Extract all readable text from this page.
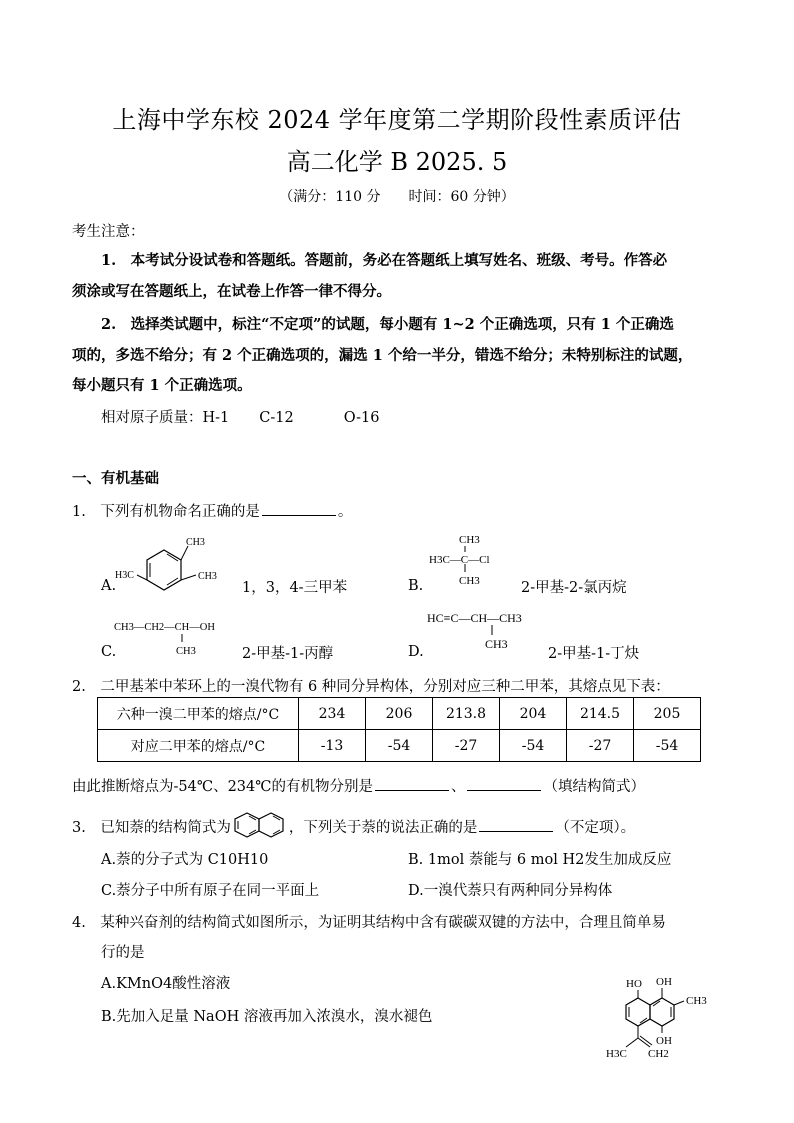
上海中学东校 2024 学年度第二学期阶段性素质评估
高二化学 B 2025. 5
（满分：110 分　　时间：60 分钟）
考生注意：
1.　本考试分设试卷和答题纸。答题前，务必在答题纸上填写姓名、班级、考号。作答必
须涂或写在答题纸上，在试卷上作答一律不得分。
2.　选择类试题中，标注“不定项”的试题，每小题有 1~2 个正确选项，只有 1 个正确选
项的，多选不给分；有 2 个正确选项的，漏选 1 个给一半分，错选不给分；未特别标注的试题，
每小题只有 1 个正确选项。
相对原子质量：H-1 C-12	O-16
一、有机基础
1.　下列有机物命名正确的是	。
A.
CH3
CH3
H3C
1，3，4-三甲苯	B.
CH3
H3C—C—Cl
CH3	2-甲基-2-氯丙烷
C.
CH3—CH2—CH—OH
CH3	2-甲基-1-丙醇	D.
HC≡C—CH—CH3
CH3
2-甲基-1-丁炔
2.　二甲基苯中苯环上的一溴代物有 6 种同分异构体，分别对应三种二甲苯，其熔点见下表：
六种一溴二甲苯的熔点/°C	234	206	213.8	204	214.5	205
对应二甲苯的熔点/°C	-13	-54	-27	-54	-27	-54
由此推断熔点为-54℃、234℃的有机物分别是	、	（填结构简式）
3.　已知萘的结构简式为	，下列关于萘的说法正确的是	（不定项）。
A.萘的分子式为 C10H10	B. 1mol 萘能与 6 mol H2发生加成反应
C.萘分子中所有原子在同一平面上	D.一溴代萘只有两种同分异构体
4.　某种兴奋剂的结构简式如图所示，为证明其结构中含有碳碳双键的方法中，合理且简单易
行的是
A.KMnO4酸性溶液
B.先加入足量 NaOH 溶液再加入浓溴水，溴水褪色
HO OH
CH3
OH
H3C CH2
